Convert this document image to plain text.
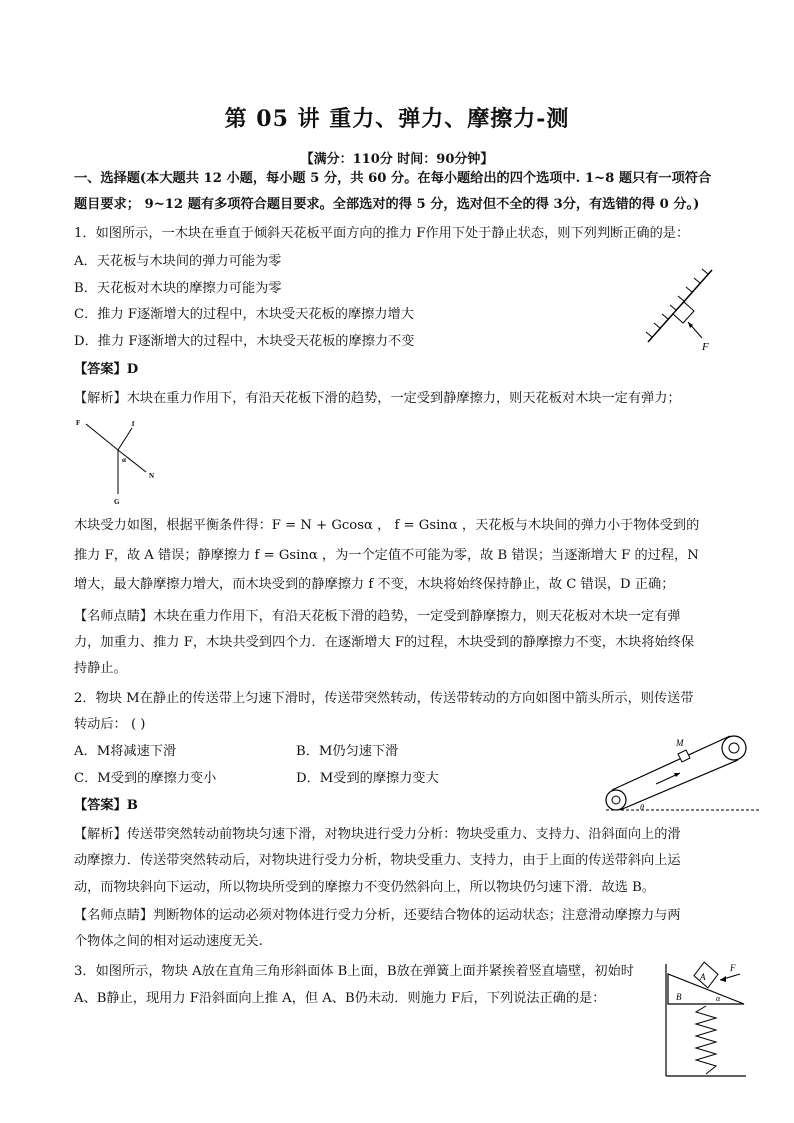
第 05 讲 重力、弹力、摩擦力-测
【满分：110分 时间：90分钟】
一、选择题(本大题共 12 小题，每小题 5 分，共 60 分。在每小题给出的四个选项中. 1~8 题只有一项符合
题目要求； 9~12 题有多项符合题目要求。全部选对的得 5 分，选对但不全的得 3分，有选错的得 0 分。)
1．如图所示，一木块在垂直于倾斜天花板平面方向的推力 F作用下处于静止状态，则下列判断正确的是：
A．天花板与木块间的弹力可能为零
B．天花板对木块的摩擦力可能为零
C．推力 F逐渐增大的过程中，木块受天花板的摩擦力增大
D．推力 F逐渐增大的过程中，木块受天花板的摩擦力不变	F
【答案】D
【解析】木块在重力作用下，有沿天花板下滑的趋势，一定受到静摩擦力，则天花板对木块一定有弹力；
F	f
α
N
G
木块受力如图，根据平衡条件得：F = N + Gcosα ， f = Gsinα ，天花板与木块间的弹力小于物体受到的
推力 F，故 A 错误；静摩擦力 f = Gsinα ，为一个定值不可能为零，故 B 错误；当逐渐增大 F 的过程，N
增大，最大静摩擦力增大，而木块受到的静摩擦力 f 不变，木块将始终保持静止，故 C 错误，D 正确；
【名师点睛】木块在重力作用下，有沿天花板下滑的趋势，一定受到静摩擦力，则天花板对木块一定有弹
力，加重力、推力 F，木块共受到四个力．在逐渐增大 F的过程，木块受到的静摩擦力不变，木块将始终保
持静止。
2．物块 M在静止的传送带上匀速下滑时，传送带突然转动，传送带转动的方向如图中箭头所示，则传送带
转动后： ( )
A．M将减速下滑	B．M仍匀速下滑
C．M受到的摩擦力变小	D．M受到的摩擦力变大
M
θ
【答案】B
【解析】传送带突然转动前物块匀速下滑，对物块进行受力分析：物块受重力、支持力、沿斜面向上的滑
动摩擦力．传送带突然转动后，对物块进行受力分析，物块受重力、支持力，由于上面的传送带斜向上运
动，而物块斜向下运动，所以物块所受到的摩擦力不变仍然斜向上，所以物块仍匀速下滑．故选 B。
【名师点睛】判断物体的运动必须对物体进行受力分析，还要结合物体的运动状态；注意滑动摩擦力与两
个物体之间的相对运动速度无关.
3．如图所示，物块 A放在直角三角形斜面体 B上面，B放在弹簧上面并紧挨着竖直墙壁，初始时
A、B静止，现用力 F沿斜面向上推 A，但 A、B仍未动．则施力 F后，下列说法正确的是：
A
B	α
F
